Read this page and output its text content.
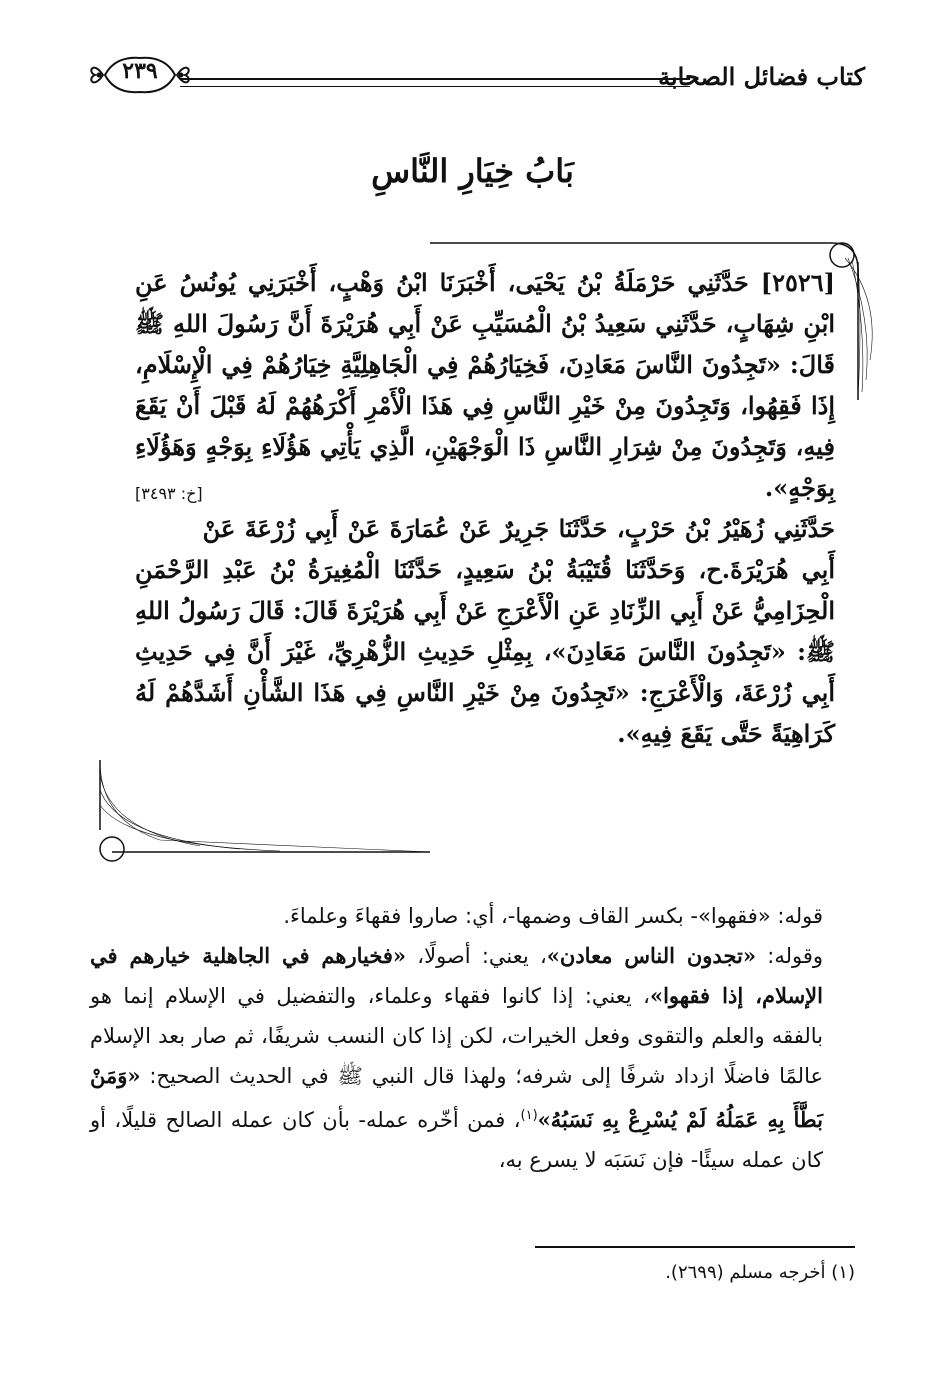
كتاب فضائل الصحابة
٢٣٩
بَابُ خِيَارِ النَّاسِ

[٢٥٢٦] حَدَّثَنِي حَرْمَلَةُ بْنُ يَحْيَى، أَخْبَرَنَا ابْنُ وَهْبٍ، أَخْبَرَنِي يُونُسُ عَنِ ابْنِ شِهَابٍ، حَدَّثَنِي سَعِيدُ بْنُ الْمُسَيِّبِ عَنْ أَبِي هُرَيْرَةَ أَنَّ رَسُولَ اللهِ ﷺ قَالَ: «تَجِدُونَ النَّاسَ مَعَادِنَ، فَخِيَارُهُمْ فِي الْجَاهِلِيَّةِ خِيَارُهُمْ فِي الْإِسْلَامِ، إِذَا فَقِهُوا، وَتَجِدُونَ مِنْ خَيْرِ النَّاسِ فِي هَذَا الْأَمْرِ أَكْرَهُهُمْ لَهُ قَبْلَ أَنْ يَقَعَ فِيهِ، وَتَجِدُونَ مِنْ شِرَارِ النَّاسِ ذَا الْوَجْهَيْنِ، الَّذِي يَأْتِي هَؤُلَاءِ بِوَجْهٍ وَهَؤُلَاءِ بِوَجْهٍ».
[خ: ٣٤٩٣]

حَدَّثَنِي زُهَيْرُ بْنُ حَرْبٍ، حَدَّثَنَا جَرِيرٌ عَنْ عُمَارَةَ عَنْ أَبِي زُرْعَةَ عَنْ أَبِي هُرَيْرَةَ.ح، وَحَدَّثَنَا قُتَيْبَةُ بْنُ سَعِيدٍ، حَدَّثَنَا الْمُغِيرَةُ بْنُ عَبْدِ الرَّحْمَنِ الْحِزَامِيُّ عَنْ أَبِي الزِّنَادِ عَنِ الْأَعْرَجِ عَنْ أَبِي هُرَيْرَةَ قَالَ: قَالَ رَسُولُ اللهِ ﷺ: «تَجِدُونَ النَّاسَ مَعَادِنَ»، بِمِثْلِ حَدِيثِ الزُّهْرِيِّ، غَيْرَ أَنَّ فِي حَدِيثِ أَبِي زُرْعَةَ، وَالْأَعْرَجِ: «تَجِدُونَ مِنْ خَيْرِ النَّاسِ فِي هَذَا الشَّأْنِ أَشَدَّهُمْ لَهُ كَرَاهِيَةً حَتَّى يَقَعَ فِيهِ».

قوله: «فقهوا»- بكسر القاف وضمها-، أي: صاروا فقهاءَ وعلماءَ.

وقوله: «تجدون الناس معادن»، يعني: أصولًا، «فخيارهم في الجاهلية خيارهم في الإسلام، إذا فقهوا»، يعني: إذا كانوا فقهاء وعلماء، والتفضيل في الإسلام إنما هو بالفقه والعلم والتقوى وفعل الخيرات، لكن إذا كان النسب شريفًا، ثم صار بعد الإسلام عالمًا فاضلًا ازداد شرفًا إلى شرفه؛ ولهذا قال النبي ﷺ في الحديث الصحيح: «وَمَنْ بَطَّأَ بِهِ عَمَلُهُ لَمْ يُسْرِعْ بِهِ نَسَبُهُ»$^{(١)}$، فمن أخّره عمله- بأن كان عمله الصالح قليلًا، أو كان عمله سيئًا- فإن نَسَبَه لا يسرع به،

(١) أخرجه مسلم (٢٦٩٩).
